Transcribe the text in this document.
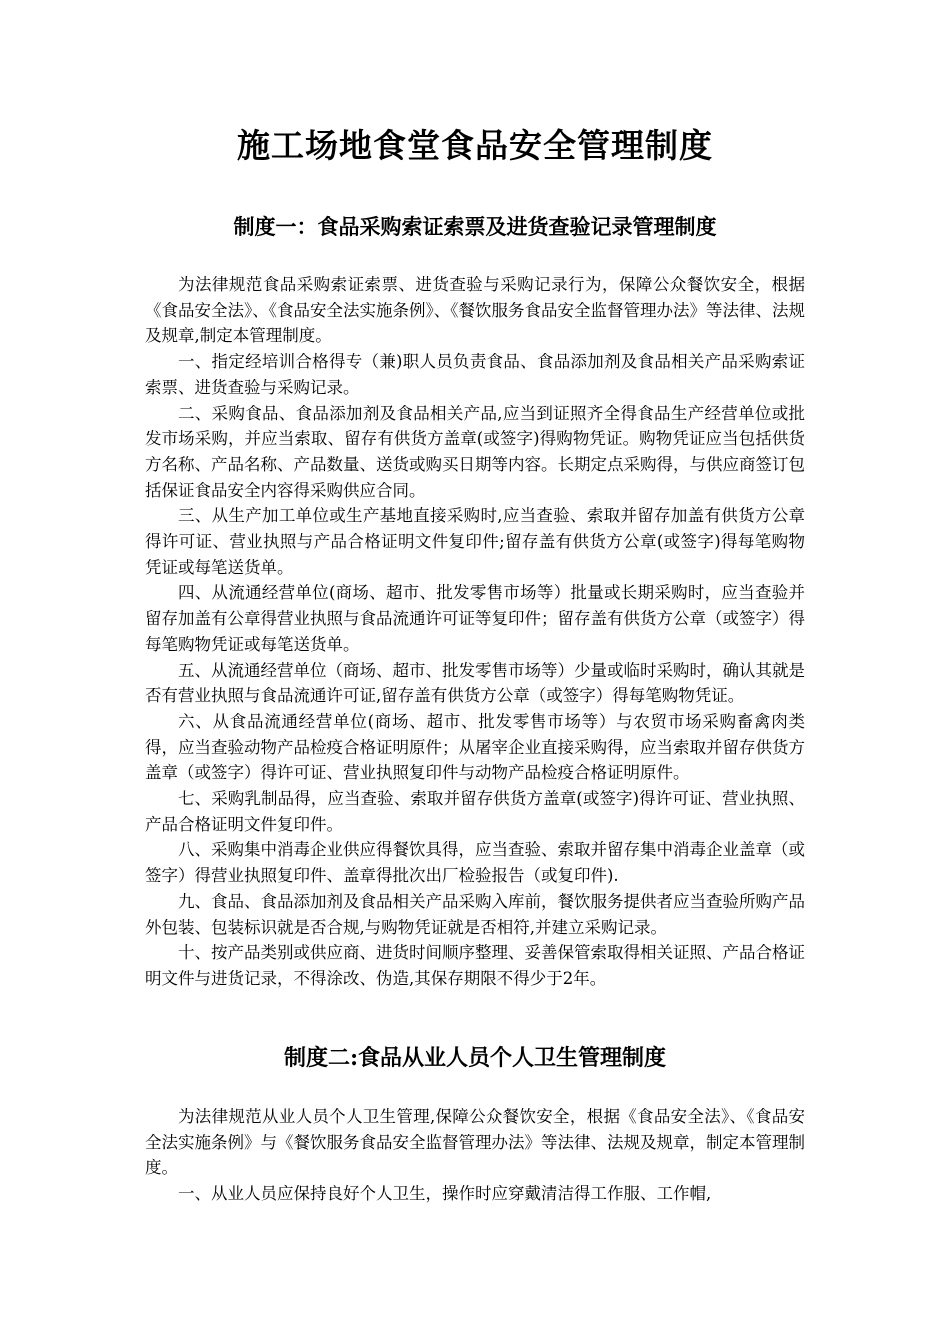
施工场地食堂食品安全管理制度
制度一：食品采购索证索票及进货查验记录管理制度

为法律规范食品采购索证索票、进货查验与采购记录行为，保障公众餐饮安全，根据《食品安全法》、《食品安全法实施条例》、《餐饮服务食品安全监督管理办法》等法律、法规及规章,制定本管理制度。

一、指定经培训合格得专（兼)职人员负责食品、食品添加剂及食品相关产品采购索证索票、进货查验与采购记录。

二、采购食品、食品添加剂及食品相关产品,应当到证照齐全得食品生产经营单位或批发市场采购，并应当索取、留存有供货方盖章(或签字)得购物凭证。购物凭证应当包括供货方名称、产品名称、产品数量、送货或购买日期等内容。长期定点采购得，与供应商签订包括保证食品安全内容得采购供应合同。

三、从生产加工单位或生产基地直接采购时,应当查验、索取并留存加盖有供货方公章得许可证、营业执照与产品合格证明文件复印件;留存盖有供货方公章(或签字)得每笔购物凭证或每笔送货单。

四、从流通经营单位(商场、超市、批发零售市场等）批量或长期采购时，应当查验并留存加盖有公章得营业执照与食品流通许可证等复印件；留存盖有供货方公章（或签字）得每笔购物凭证或每笔送货单。

五、从流通经营单位（商场、超市、批发零售市场等）少量或临时采购时，确认其就是否有营业执照与食品流通许可证,留存盖有供货方公章（或签字）得每笔购物凭证。

六、从食品流通经营单位(商场、超市、批发零售市场等）与农贸市场采购畜禽肉类得，应当查验动物产品检疫合格证明原件；从屠宰企业直接采购得，应当索取并留存供货方盖章（或签字）得许可证、营业执照复印件与动物产品检疫合格证明原件。

七、采购乳制品得，应当查验、索取并留存供货方盖章(或签字)得许可证、营业执照、产品合格证明文件复印件。

八、采购集中消毒企业供应得餐饮具得，应当查验、索取并留存集中消毒企业盖章（或签字）得营业执照复印件、盖章得批次出厂检验报告（或复印件).

九、食品、食品添加剂及食品相关产品采购入库前，餐饮服务提供者应当查验所购产品外包装、包装标识就是否合规,与购物凭证就是否相符,并建立采购记录。

十、按产品类别或供应商、进货时间顺序整理、妥善保管索取得相关证照、产品合格证明文件与进货记录，不得涂改、伪造,其保存期限不得少于2年。

制度二:食品从业人员个人卫生管理制度

为法律规范从业人员个人卫生管理,保障公众餐饮安全，根据《食品安全法》、《食品安全法实施条例》与《餐饮服务食品安全监督管理办法》等法律、法规及规章，制定本管理制度。

一、从业人员应保持良好个人卫生，操作时应穿戴清洁得工作服、工作帽,
